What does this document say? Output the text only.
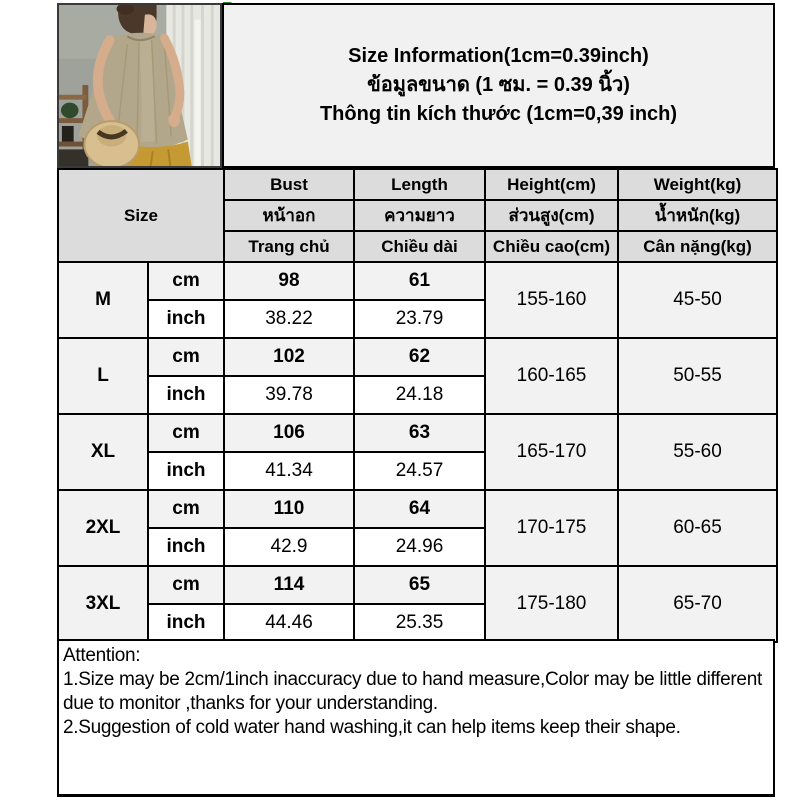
Size Information(1cm=0.39inch)
ข้อมูลขนาด (1 ซม. = 0.39 นิ้ว)
Thông tin kích thước (1cm=0,39 inch)
Size		Bust	Length	Height(cm)	Weight(kg)
		หน้าอก	ความยาว	ส่วนสูง(cm)	น้ำหนัก(kg)
		Trang chủ	Chiều dài	Chiều cao(cm)	Cân nặng(kg)
M	cm	98	61	155-160	45-50
	inch	38.22	23.79		
L	cm	102	62	160-165	50-55
	inch	39.78	24.18		
XL	cm	106	63	165-170	55-60
	inch	41.34	24.57		
2XL	cm	110	64	170-175	60-65
	inch	42.9	24.96		
3XL	cm	114	65	175-180	65-70
	inch	44.46	25.35		

Attention:

1.Size may be 2cm/1inch inaccuracy due to hand measure,Color may be little different due to monitor ,thanks for your understanding.

2.Suggestion of cold water hand washing,it can help items keep their shape.
